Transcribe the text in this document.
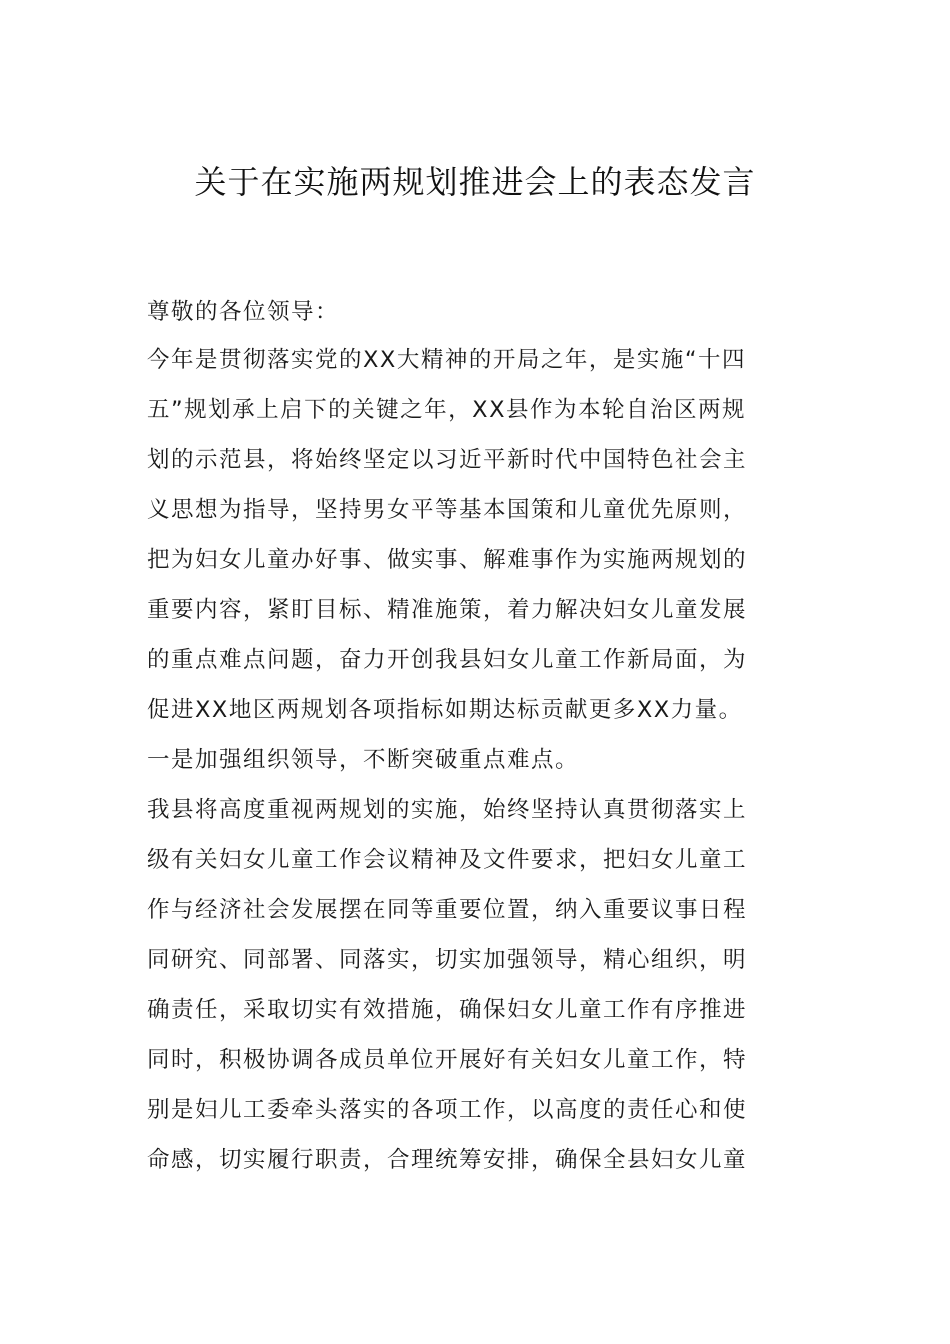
关于在实施两规划推进会上的表态发言
尊敬的各位领导：
今年是贯彻落实党的XX大精神的开局之年，是实施“十四
五”规划承上启下的关键之年，XX县作为本轮自治区两规
划的示范县，将始终坚定以习近平新时代中国特色社会主
义思想为指导，坚持男女平等基本国策和儿童优先原则，
把为妇女儿童办好事、做实事、解难事作为实施两规划的
重要内容，紧盯目标、精准施策，着力解决妇女儿童发展
的重点难点问题，奋力开创我县妇女儿童工作新局面，为
促进XX地区两规划各项指标如期达标贡献更多XX力量。
一是加强组织领导，不断突破重点难点。
我县将高度重视两规划的实施，始终坚持认真贯彻落实上
级有关妇女儿童工作会议精神及文件要求，把妇女儿童工
作与经济社会发展摆在同等重要位置，纳入重要议事日程
同研究、同部署、同落实，切实加强领导，精心组织，明
确责任，采取切实有效措施，确保妇女儿童工作有序推进
同时，积极协调各成员单位开展好有关妇女儿童工作，特
别是妇儿工委牵头落实的各项工作，以高度的责任心和使
命感，切实履行职责，合理统筹安排，确保全县妇女儿童
